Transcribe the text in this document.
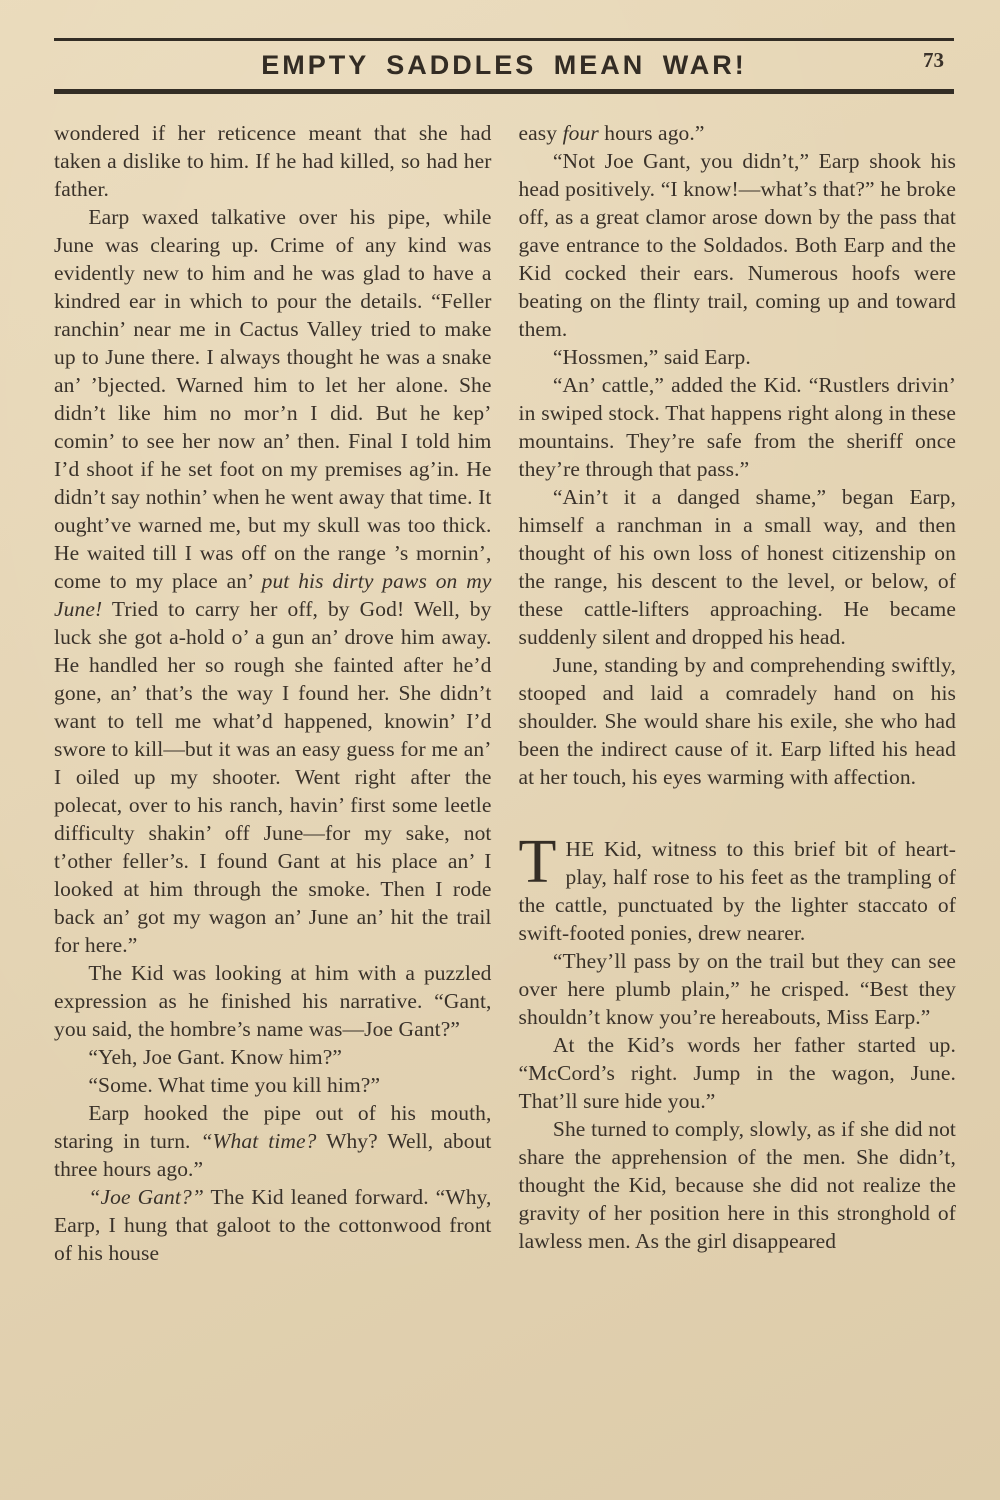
EMPTY SADDLES MEAN WAR!	73

wondered if her reticence meant that she had taken a dislike to him. If he had killed, so had her father.

Earp waxed talkative over his pipe, while June was clearing up. Crime of any kind was evidently new to him and he was glad to have a kindred ear in which to pour the details. “Feller ranchin’ near me in Cactus Valley tried to make up to June there. I always thought he was a snake an’ ’bjected. Warned him to let her alone. She didn’t like him no mor’n I did. But he kep’ comin’ to see her now an’ then. Final I told him I’d shoot if he set foot on my premises ag’in. He didn’t say nothin’ when he went away that time. It ought’ve warned me, but my skull was too thick. He waited till I was off on the range ’s mornin’, come to my place an’ put his dirty paws on my June! Tried to carry her off, by God! Well, by luck she got a-hold o’ a gun an’ drove him away. He handled her so rough she fainted after he’d gone, an’ that’s the way I found her. She didn’t want to tell me what’d happened, knowin’ I’d swore to kill—but it was an easy guess for me an’ I oiled up my shooter. Went right after the polecat, over to his ranch, havin’ first some leetle difficulty shakin’ off June—for my sake, not t’other feller’s. I found Gant at his place an’ I looked at him through the smoke. Then I rode back an’ got my wagon an’ June an’ hit the trail for here.”

The Kid was looking at him with a puzzled expression as he finished his narrative. “Gant, you said, the hombre’s name was—Joe Gant?”

“Yeh, Joe Gant. Know him?”

“Some. What time you kill him?”

Earp hooked the pipe out of his mouth, staring in turn. “What time? Why? Well, about three hours ago.”

“Joe Gant?” The Kid leaned forward. “Why, Earp, I hung that galoot to the cottonwood front of his house

easy four hours ago.”

“Not Joe Gant, you didn’t,” Earp shook his head positively. “I know!—what’s that?” he broke off, as a great clamor arose down by the pass that gave entrance to the Soldados. Both Earp and the Kid cocked their ears. Numerous hoofs were beating on the flinty trail, coming up and toward them.

“Hossmen,” said Earp.

“An’ cattle,” added the Kid. “Rustlers drivin’ in swiped stock. That happens right along in these mountains. They’re safe from the sheriff once they’re through that pass.”

“Ain’t it a danged shame,” began Earp, himself a ranchman in a small way, and then thought of his own loss of honest citizenship on the range, his descent to the level, or below, of these cattle-lifters approaching. He became suddenly silent and dropped his head.

June, standing by and comprehending swiftly, stooped and laid a comradely hand on his shoulder. She would share his exile, she who had been the indirect cause of it. Earp lifted his head at her touch, his eyes warming with affection.

THE Kid, witness to this brief bit of heart-play, half rose to his feet as the trampling of the cattle, punctuated by the lighter staccato of swift-footed ponies, drew nearer.

“They’ll pass by on the trail but they can see over here plumb plain,” he crisped. “Best they shouldn’t know you’re hereabouts, Miss Earp.”

At the Kid’s words her father started up. “McCord’s right. Jump in the wagon, June. That’ll sure hide you.”

She turned to comply, slowly, as if she did not share the apprehension of the men. She didn’t, thought the Kid, because she did not realize the gravity of her position here in this stronghold of lawless men. As the girl disappeared
